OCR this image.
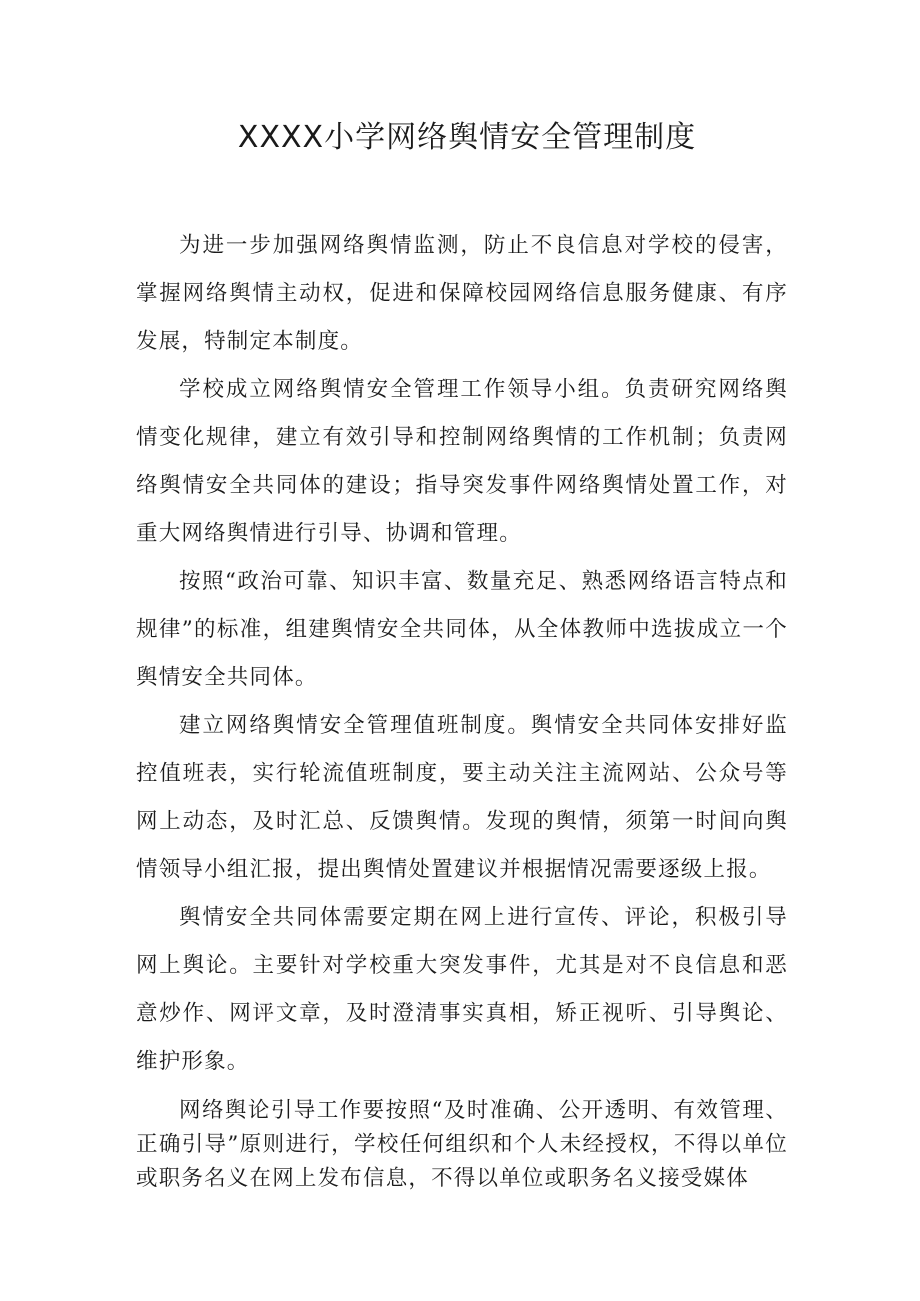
XXXX小学网络舆情安全管理制度

为进一步加强网络舆情监测，防止不良信息对学校的侵害，掌握网络舆情主动权，促进和保障校园网络信息服务健康、有序发展，特制定本制度。

学校成立网络舆情安全管理工作领导小组。负责研究网络舆情变化规律，建立有效引导和控制网络舆情的工作机制；负责网络舆情安全共同体的建设；指导突发事件网络舆情处置工作，对重大网络舆情进行引导、协调和管理。

按照“政治可靠、知识丰富、数量充足、熟悉网络语言特点和规律”的标准，组建舆情安全共同体，从全体教师中选拔成立一个舆情安全共同体。

建立网络舆情安全管理值班制度。舆情安全共同体安排好监控值班表，实行轮流值班制度，要主动关注主流网站、公众号等网上动态，及时汇总、反馈舆情。发现的舆情，须第一时间向舆情领导小组汇报，提出舆情处置建议并根据情况需要逐级上报。

舆情安全共同体需要定期在网上进行宣传、评论，积极引导网上舆论。主要针对学校重大突发事件，尤其是对不良信息和恶意炒作、网评文章，及时澄清事实真相，矫正视听、引导舆论、维护形象。

网络舆论引导工作要按照“及时准确、公开透明、有效管理、正确引导”原则进行，学校任何组织和个人未经授权，不得以单位或职务名义在网上发布信息，不得以单位或职务名义接受媒体
